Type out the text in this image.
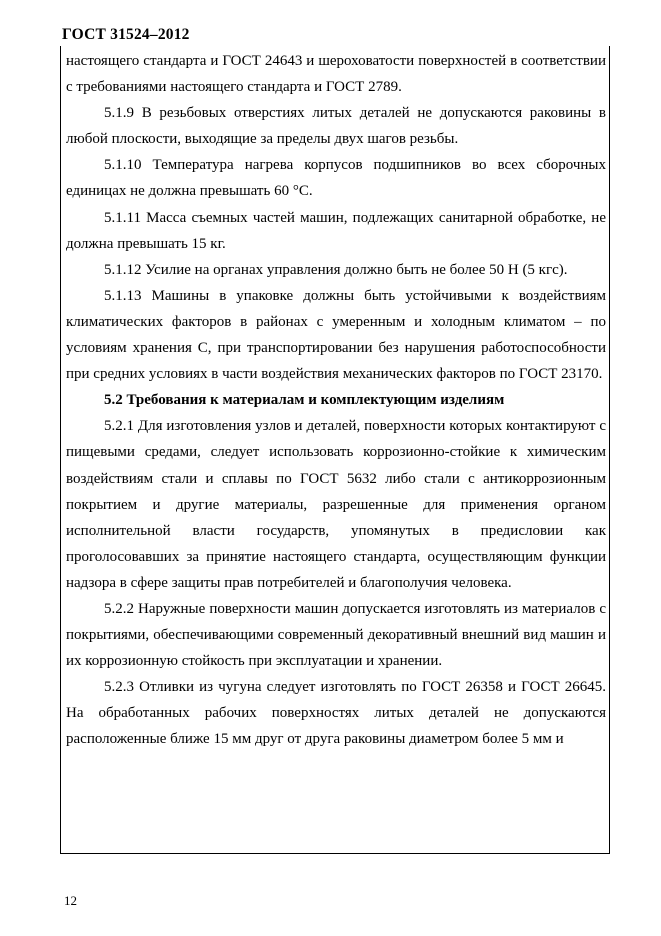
ГОСТ 31524–2012

настоящего стандарта и ГОСТ 24643 и шероховатости поверхностей в соответствии с требованиями настоящего стандарта и ГОСТ 2789.

5.1.9 В резьбовых отверстиях литых деталей не допускаются раковины в любой плоскости, выходящие за пределы двух шагов резьбы.

5.1.10 Температура нагрева корпусов подшипников во всех сборочных единицах не должна превышать 60 °С.

5.1.11 Масса съемных частей машин, подлежащих санитарной обработке, не должна превышать 15 кг.

5.1.12 Усилие на органах управления должно быть не более 50 Н (5 кгс).

5.1.13 Машины в упаковке должны быть устойчивыми к воздействиям климатических факторов в районах с умеренным и холодным климатом – по условиям хранения С, при транспортировании без нарушения работоспособности при средних условиях в части воздействия механических факторов по ГОСТ 23170.

5.2 Требования к материалам и комплектующим изделиям

5.2.1 Для изготовления узлов и деталей, поверхности которых контактируют с пищевыми средами, следует использовать коррозионно-стойкие к химическим воздействиям стали и сплавы по ГОСТ 5632 либо стали с антикоррозионным покрытием и другие материалы, разрешенные для применения органом исполнительной власти государств, упомянутых в предисловии как проголосовавших за принятие настоящего стандарта, осуществляющим функции надзора в сфере защиты прав потребителей и благополучия человека.

5.2.2 Наружные поверхности машин допускается изготовлять из материалов с покрытиями, обеспечивающими современный декоративный внешний вид машин и их коррозионную стойкость при эксплуатации и хранении.

5.2.3 Отливки из чугуна следует изготовлять по ГОСТ 26358 и ГОСТ 26645. На обработанных рабочих поверхностях литых деталей не допускаются расположенные ближе 15 мм друг от друга раковины диаметром более 5 мм и

12
